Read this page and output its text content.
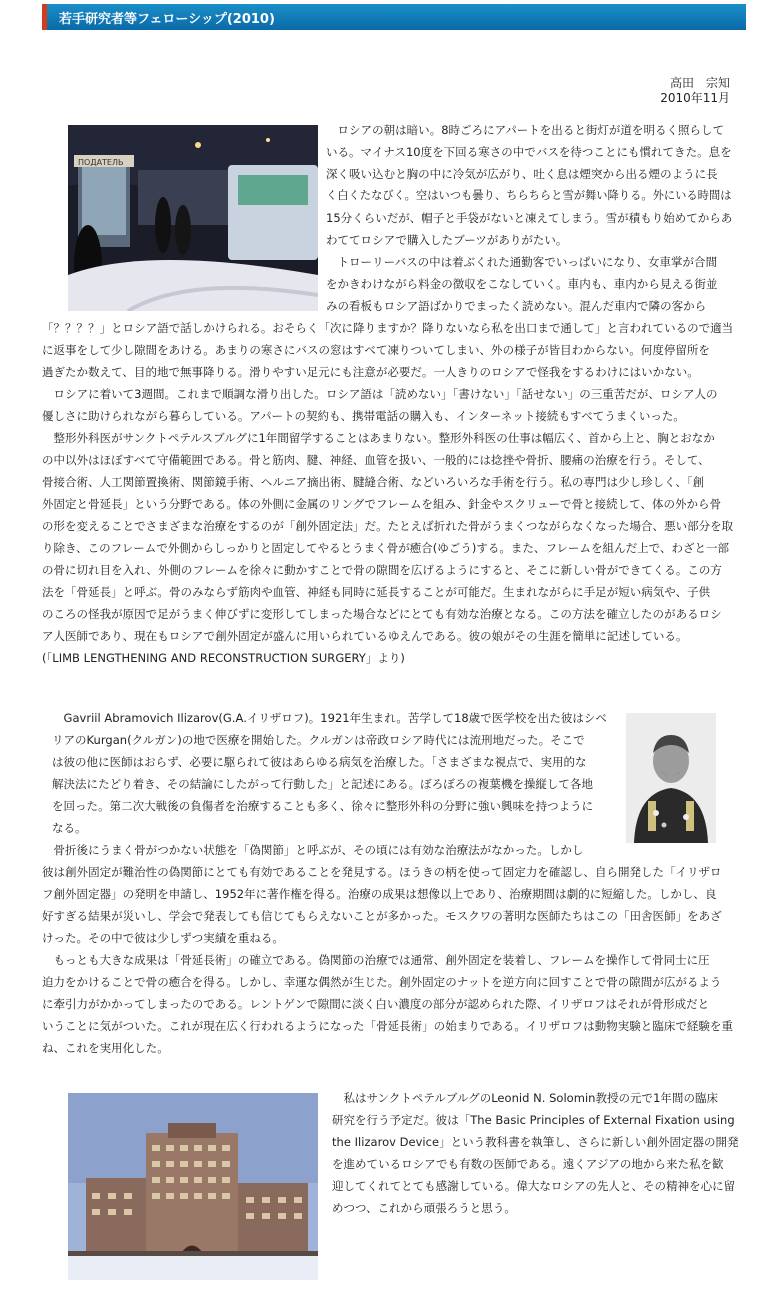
若手研究者等フェローシップ(2010)
高田　宗知
2010年11月
ПОДАТЕЛЬ

　ロシアの朝は暗い。8時ごろにアパートを出ると街灯が道を明るく照らして

いる。マイナス10度を下回る寒さの中でバスを待つことにも慣れてきた。息を

深く吸い込むと胸の中に冷気が広がり、吐く息は煙突から出る煙のように長

く白くたなびく。空はいつも曇り、ちらちらと雪が舞い降りる。外にいる時間は

15分くらいだが、帽子と手袋がないと凍えてしまう。雪が積もり始めてからあ

わててロシアで購入したブーツがありがたい。

　トローリーバスの中は着ぶくれた通勤客でいっぱいになり、女車掌が合間

をかきわけながら料金の徴収をこなしていく。車内も、車内から見える街並

みの看板もロシア語ばかりでまったく読めない。混んだ車内で隣の客から

「？？？？」とロシア語で話しかけられる。おそらく「次に降りますか？降りないなら私を出口まで通して」と言われているので適当

に返事をして少し隙間をあける。あまりの寒さにバスの窓はすべて凍りついてしまい、外の様子が皆目わからない。何度停留所を

過ぎたか数えて、目的地で無事降りる。滑りやすい足元にも注意が必要だ。一人きりのロシアで怪我をするわけにはいかない。

　ロシアに着いて3週間。これまで順調な滑り出した。ロシア語は「読めない」「書けない」「話せない」の三重苦だが、ロシア人の

優しさに助けられながら暮らしている。アパートの契約も、携帯電話の購入も、インターネット接続もすべてうまくいった。

　整形外科医がサンクトペテルスブルグに1年間留学することはあまりない。整形外科医の仕事は幅広く、首から上と、胸とおなか

の中以外はほぼすべて守備範囲である。骨と筋肉、腱、神経、血管を扱い、一般的には捻挫や骨折、腰痛の治療を行う。そして、

骨接合術、人工関節置換術、関節鏡手術、ヘルニア摘出術、腱縫合術、などいろいろな手術を行う。私の専門は少し珍しく、「創

外固定と骨延長」という分野である。体の外側に金属のリングでフレームを組み、針金やスクリューで骨と接続して、体の外から骨

の形を変えることでさまざまな治療をするのが「創外固定法」だ。たとえば折れた骨がうまくつながらなくなった場合、悪い部分を取

り除き、このフレームで外側からしっかりと固定してやるとうまく骨が癒合(ゆごう)する。また、フレームを組んだ上で、わざと一部

の骨に切れ目を入れ、外側のフレームを徐々に動かすことで骨の隙間を広げるようにすると、そこに新しい骨ができてくる。この方

法を「骨延長」と呼ぶ。骨のみならず筋肉や血管、神経も同時に延長することが可能だ。生まれながらに手足が短い病気や、子供

のころの怪我が原因で足がうまく伸びずに変形してしまった場合などにとても有効な治療となる。この方法を確立したのがあるロシ

ア人医師であり、現在もロシアで創外固定が盛んに用いられているゆえんである。彼の娘がその生涯を簡単に記述している。

(「LIMB LENGTHENING AND RECONSTRUCTION SURGERY」より)

　Gavriil Abramovich Ilizarov(G.A.イリザロフ)。1921年生まれ。苦学して18歳で医学校を出た彼はシベ

リアのKurgan(クルガン)の地で医療を開始した。クルガンは帝政ロシア時代には流刑地だった。そこで

は彼の他に医師はおらず、必要に駆られて彼はあらゆる病気を治療した。「さまざまな視点で、実用的な

解決法にたどり着き、その結論にしたがって行動した」と記述にある。ぼろぼろの複葉機を操縦して各地

を回った。第二次大戦後の負傷者を治療することも多く、徐々に整形外科の分野に強い興味を持つように

なる。

　骨折後にうまく骨がつかない状態を「偽関節」と呼ぶが、その頃には有効な治療法がなかった。しかし

彼は創外固定が難治性の偽関節にとても有効であることを発見する。ほうきの柄を使って固定力を確認し、自ら開発した「イリザロ

フ創外固定器」の発明を申請し、1952年に著作権を得る。治療の成果は想像以上であり、治療期間は劇的に短縮した。しかし、良

好すぎる結果が災いし、学会で発表しても信じてもらえないことが多かった。モスクワの著明な医師たちはこの「田舎医師」をあざ

けった。その中で彼は少しずつ実績を重ねる。

　もっとも大きな成果は「骨延長術」の確立である。偽関節の治療では通常、創外固定を装着し、フレームを操作して骨同士に圧

迫力をかけることで骨の癒合を得る。しかし、幸運な偶然が生じた。創外固定のナットを逆方向に回すことで骨の隙間が広がるよう

に牽引力がかかってしまったのである。レントゲンで隙間に淡く白い濃度の部分が認められた際、イリザロフはそれが骨形成だと

いうことに気がついた。これが現在広く行われるようになった「骨延長術」の始まりである。イリザロフは動物実験と臨床で経験を重

ね、これを実用化した。

　私はサンクトペテルブルグのLeonid N. Solomin教授の元で1年間の臨床

研究を行う予定だ。彼は「The Basic Principles of External Fixation using

the Ilizarov Device」という教科書を執筆し、さらに新しい創外固定器の開発

を進めているロシアでも有数の医師である。遠くアジアの地から来た私を歓

迎してくれてとても感謝している。偉大なロシアの先人と、その精神を心に留

めつつ、これから頑張ろうと思う。
